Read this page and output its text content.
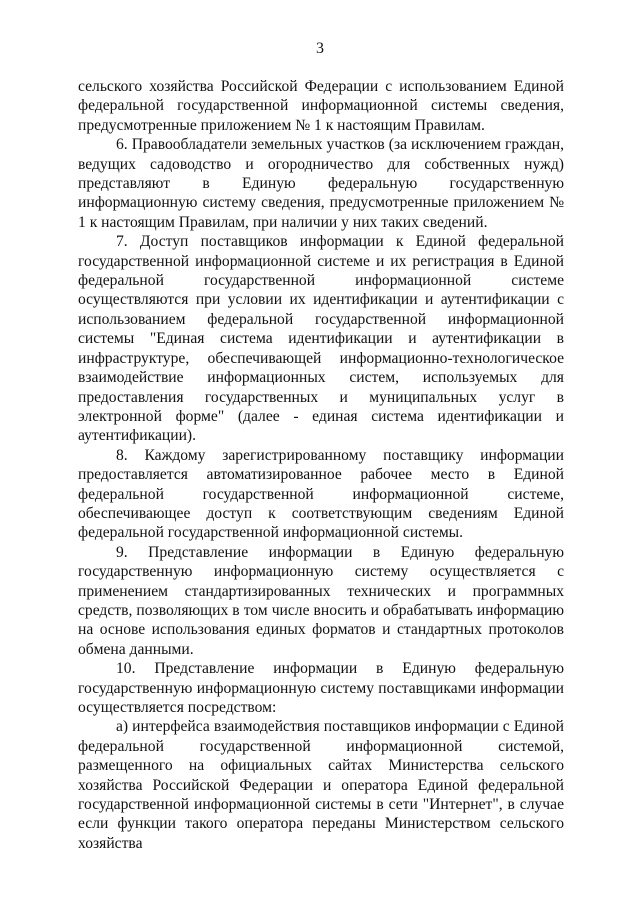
3

сельского хозяйства Российской Федерации с использованием Единой федеральной государственной информационной системы сведения, предусмотренные приложением № 1 к настоящим Правилам.

6. Правообладатели земельных участков (за исключением граждан, ведущих садоводство и огородничество для собственных нужд) представляют в Единую федеральную государственную информационную систему сведения, предусмотренные приложением № 1 к настоящим Правилам, при наличии у них таких сведений.

7. Доступ поставщиков информации к Единой федеральной государственной информационной системе и их регистрация в Единой федеральной государственной информационной системе осуществляются при условии их идентификации и аутентификации с использованием федеральной государственной информационной системы "Единая система идентификации и аутентификации в инфраструктуре, обеспечивающей информационно-технологическое взаимодействие информационных систем, используемых для предоставления государственных и муниципальных услуг в электронной форме" (далее - единая система идентификации и аутентификации).

8. Каждому зарегистрированному поставщику информации предоставляется автоматизированное рабочее место в Единой федеральной государственной информационной системе, обеспечивающее доступ к соответствующим сведениям Единой федеральной государственной информационной системы.

9. Представление информации в Единую федеральную государственную информационную систему осуществляется с применением стандартизированных технических и программных средств, позволяющих в том числе вносить и обрабатывать информацию на основе использования единых форматов и стандартных протоколов обмена данными.

10. Представление информации в Единую федеральную государственную информационную систему поставщиками информации осуществляется посредством:

а) интерфейса взаимодействия поставщиков информации с Единой федеральной государственной информационной системой, размещенного на официальных сайтах Министерства сельского хозяйства Российской Федерации и оператора Единой федеральной государственной информационной системы в сети "Интернет", в случае если функции такого оператора переданы Министерством сельского хозяйства
